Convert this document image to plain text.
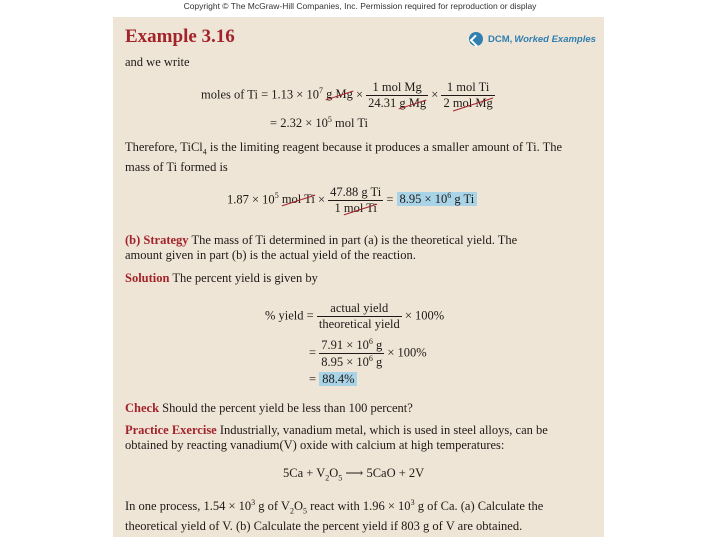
Copyright © The McGraw-Hill Companies, Inc. Permission required for reproduction or display
Example 3.16	DCM, Worked Examples
and we write
moles of $Ti = 1.13 \times 10^7$ g $Mg \times \frac{\text{1 mol Mg}}{\text{24.31 g Mg}} \times \frac{\text{1 mol Ti}}{\text{2 mol Mg}}$
= $2.32 \times 10^5$ mol Ti
Therefore, TiCl$_4$ is the limiting reagent because it produces a smaller amount of Ti. The
mass of Ti formed is
$1.87 \times 10^5$ mol $Ti \times \frac{\text{47.88 g Ti}}{\text{1 mol Ti}} = 8.95 \times 10^6$ g Ti
(b) Strategy The mass of Ti determined in part (a) is the theoretical yield. The
amount given in part (b) is the actual yield of the reaction.
Solution The percent yield is given by
% yield = $\frac{\text{actual yield}}{\text{theoretical yield}} \times 100\%$
= $\frac{7.91 \times 10^6 g}{8.95 \times 10^6 g} \times 100\%$
= 88.4%
Check Should the percent yield be less than 100 percent?
Practice Exercise Industrially, vanadium metal, which is used in steel alloys, can be
obtained by reacting vanadium(V) oxide with calcium at high temperatures:
$5Ca + V_2O_5$ ⟶ 5CaO + 2V
In one process, $1.54 \times 10^3$ g of $V_2O_5$ react with $1.96 \times 10^3$ g of Ca. (a) Calculate the
theoretical yield of V. (b) Calculate the percent yield if 803 g of V are obtained.
